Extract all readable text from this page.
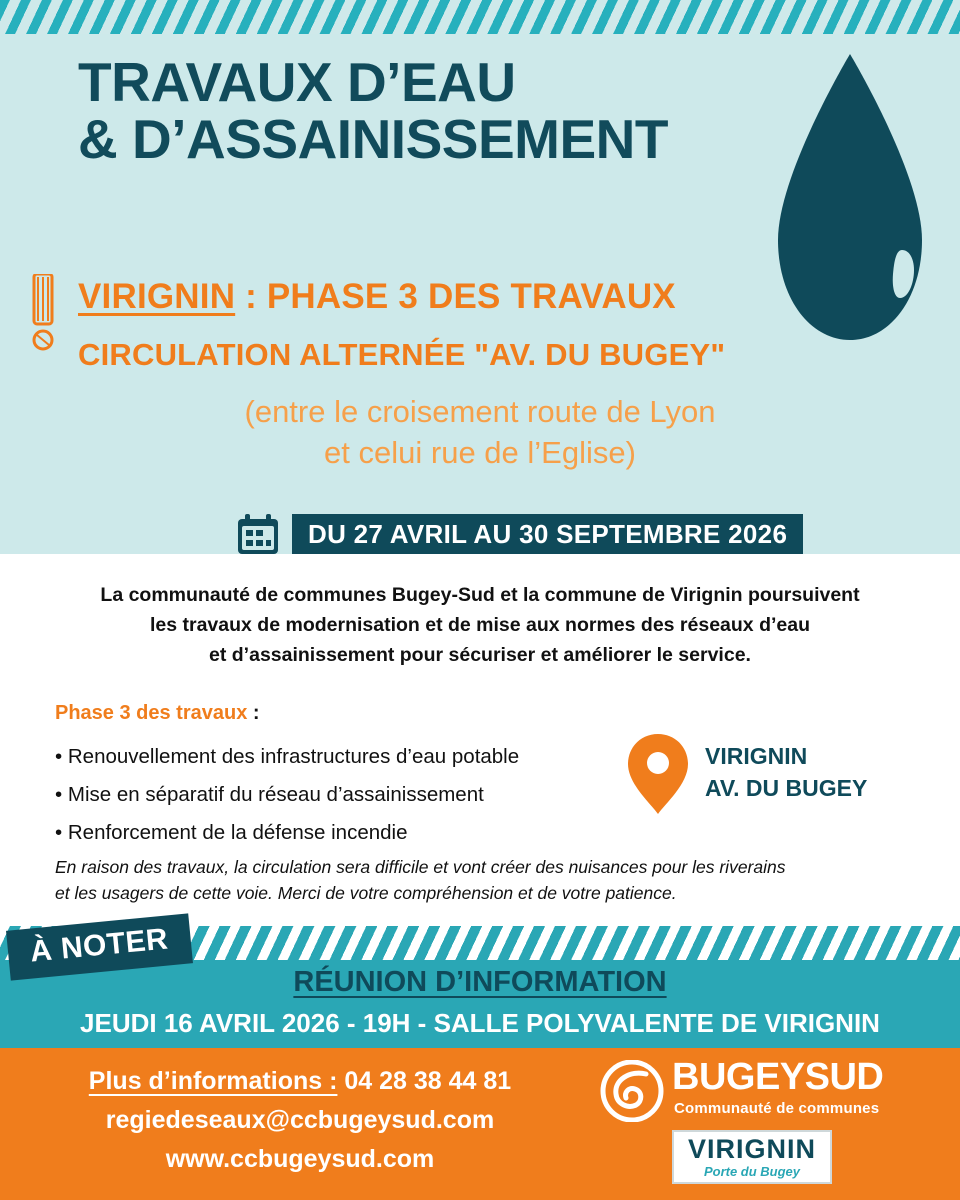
TRAVAUX D’EAU
& D’ASSAINISSEMENT
VIRIGNIN : PHASE 3 DES TRAVAUX
CIRCULATION ALTERNÉE "AV. DU BUGEY"
(entre le croisement route de Lyon
et celui rue de l’Eglise)
DU 27 AVRIL AU 30 SEPTEMBRE 2026
La communauté de communes Bugey-Sud et la commune de Virignin poursuivent
les travaux de modernisation et de mise aux normes des réseaux d’eau
et d’assainissement pour sécuriser et améliorer le service.
Phase 3 des travaux :
• Renouvellement des infrastructures d’eau potable
• Mise en séparatif du réseau d’assainissement
• Renforcement de la défense incendie
VIRIGNIN
AV. DU BUGEY
En raison des travaux, la circulation sera difficile et vont créer des nuisances pour les riverains
et les usagers de cette voie. Merci de votre compréhension et de votre patience.
À NOTER
RÉUNION D’INFORMATION
JEUDI 16 AVRIL 2026 - 19H - SALLE POLYVALENTE DE VIRIGNIN
Plus d’informations : 04 28 38 44 81
regiedeseaux@ccbugeysud.com
www.ccbugeysud.com
BUGEYSUD
Communauté de communes
VIRIGNIN
Porte du Bugey
